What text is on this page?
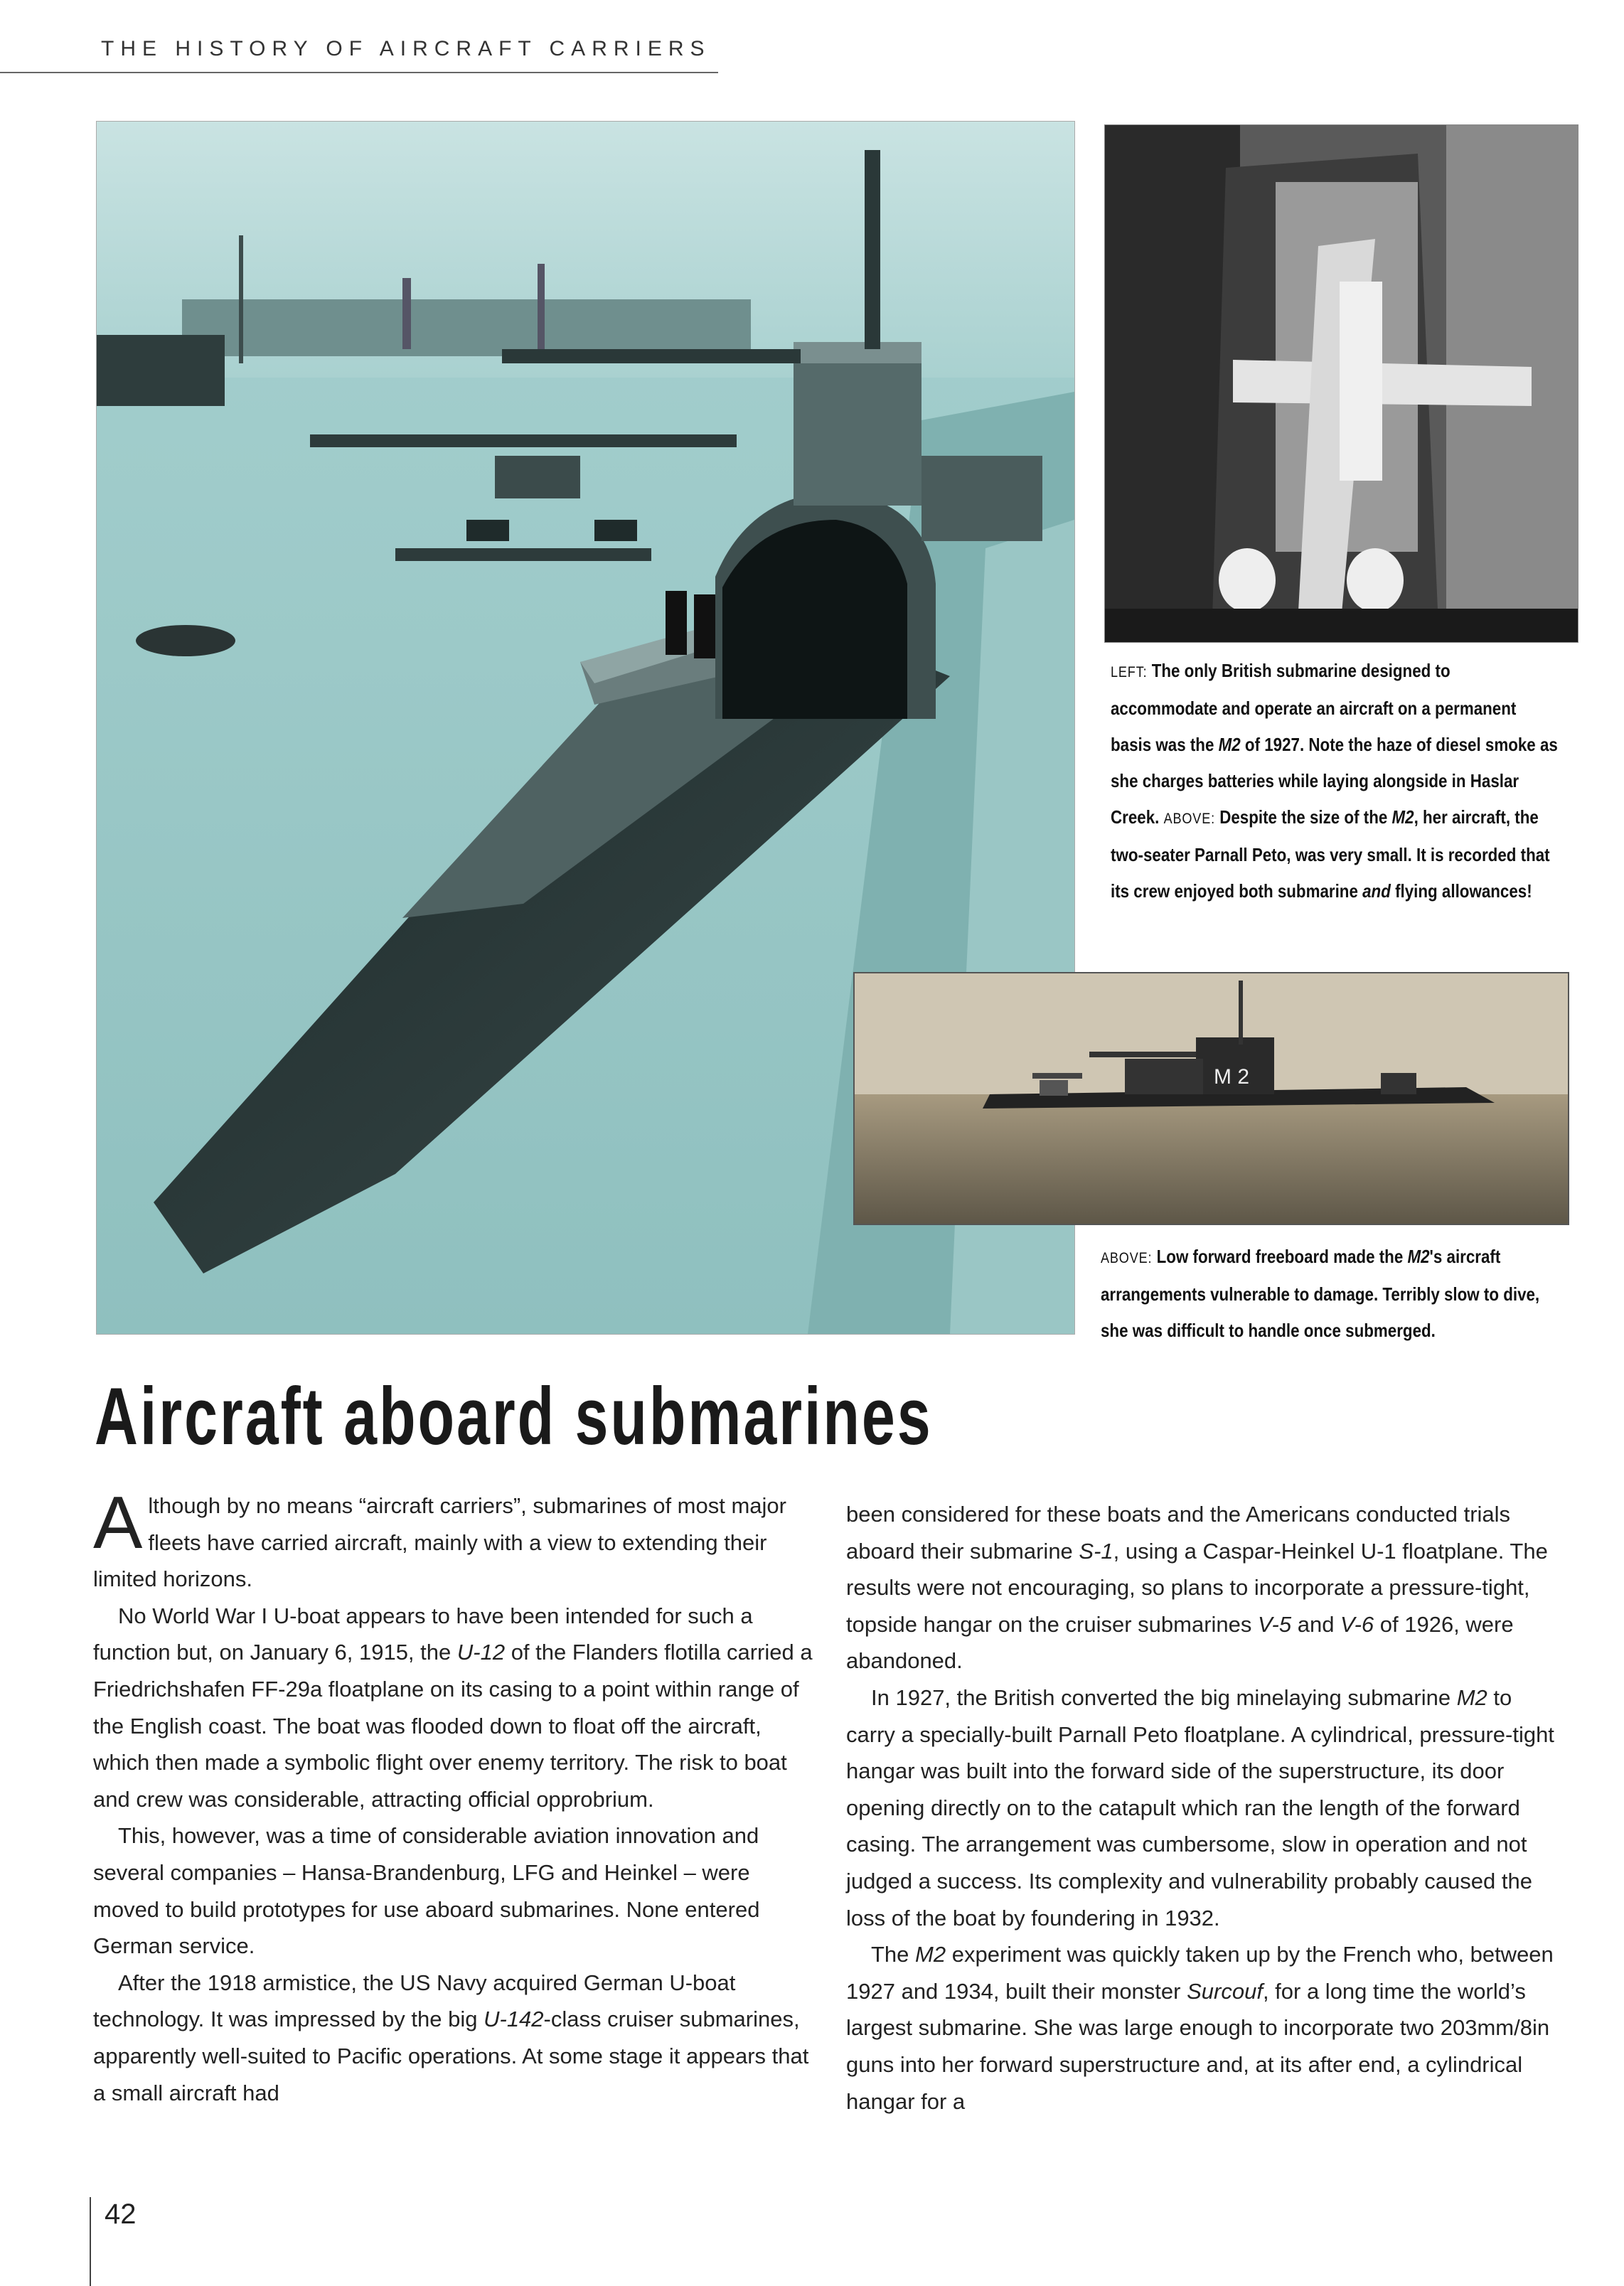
THE HISTORY OF AIRCRAFT CARRIERS
LEFT: The only British submarine designed to accommodate and operate an aircraft on a permanent basis was the M2 of 1927. Note the haze of diesel smoke as she charges batteries while laying alongside in Haslar Creek. ABOVE: Despite the size of the M2, her aircraft, the two-seater Parnall Peto, was very small. It is recorded that its crew enjoyed both submarine and flying allowances!
M 2
ABOVE: Low forward freeboard made the M2's aircraft arrangements vulnerable to damage. Terribly slow to dive, she was difficult to handle once submerged.
Aircraft aboard submarines

Although by no means “aircraft carriers”, submarines of most major fleets have carried aircraft, mainly with a view to extending their limited horizons.

No World War I U-boat appears to have been intended for such a function but, on January 6, 1915, the U-12 of the Flanders flotilla carried a Friedrichshafen FF-29a floatplane on its casing to a point within range of the English coast. The boat was flooded down to float off the aircraft, which then made a symbolic flight over enemy territory. The risk to boat and crew was considerable, attracting official opprobrium.

This, however, was a time of considerable aviation innovation and several companies – Hansa-Brandenburg, LFG and Heinkel – were moved to build prototypes for use aboard submarines. None entered German service.

After the 1918 armistice, the US Navy acquired German U-boat technology. It was impressed by the big U-142-class cruiser submarines, apparently well-suited to Pacific operations. At some stage it appears that a small aircraft had

been considered for these boats and the Americans conducted trials aboard their submarine S-1, using a Caspar-Heinkel U-1 floatplane. The results were not encouraging, so plans to incorporate a pressure-tight, topside hangar on the cruiser submarines V-5 and V-6 of 1926, were abandoned.

In 1927, the British converted the big minelaying submarine M2 to carry a specially-built Parnall Peto floatplane. A cylindrical, pressure-tight hangar was built into the forward side of the superstructure, its door opening directly on to the catapult which ran the length of the forward casing. The arrangement was cumbersome, slow in operation and not judged a success. Its complexity and vulnerability probably caused the loss of the boat by foundering in 1932.

The M2 experiment was quickly taken up by the French who, between 1927 and 1934, built their monster Surcouf, for a long time the world’s largest submarine. She was large enough to incorporate two 203mm/8in guns into her forward superstructure and, at its after end, a cylindrical hangar for a

42
